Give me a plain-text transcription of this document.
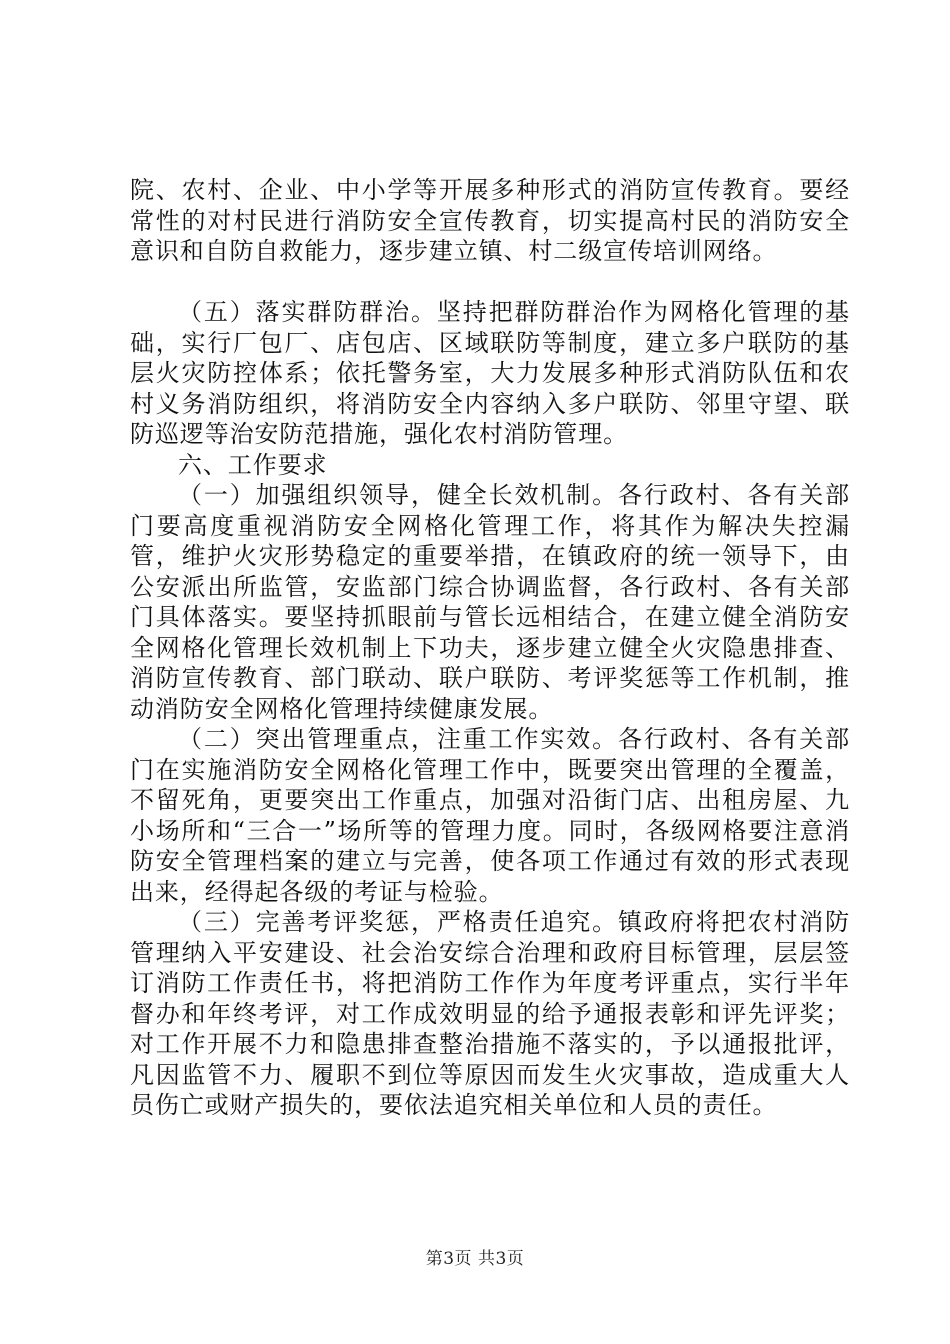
院、农村、企业、中小学等开展多种形式的消防宣传教育。要经常性的对村民进行消防安全宣传教育，切实提高村民的消防安全意识和自防自救能力，逐步建立镇、村二级宣传培训网络。

（五）落实群防群治。坚持把群防群治作为网格化管理的基础，实行厂包厂、店包店、区域联防等制度，建立多户联防的基层火灾防控体系；依托警务室，大力发展多种形式消防队伍和农村义务消防组织，将消防安全内容纳入多户联防、邻里守望、联防巡逻等治安防范措施，强化农村消防管理。

六、工作要求

（一）加强组织领导，健全长效机制。各行政村、各有关部门要高度重视消防安全网格化管理工作，将其作为解决失控漏管，维护火灾形势稳定的重要举措，在镇政府的统一领导下，由公安派出所监管，安监部门综合协调监督，各行政村、各有关部门具体落实。要坚持抓眼前与管长远相结合，在建立健全消防安全网格化管理长效机制上下功夫，逐步建立健全火灾隐患排查、消防宣传教育、部门联动、联户联防、考评奖惩等工作机制，推动消防安全网格化管理持续健康发展。

（二）突出管理重点，注重工作实效。各行政村、各有关部门在实施消防安全网格化管理工作中，既要突出管理的全覆盖，不留死角，更要突出工作重点，加强对沿街门店、出租房屋、九小场所和“三合一”场所等的管理力度。同时，各级网格要注意消防安全管理档案的建立与完善，使各项工作通过有效的形式表现出来，经得起各级的考证与检验。

（三）完善考评奖惩，严格责任追究。镇政府将把农村消防管理纳入平安建设、社会治安综合治理和政府目标管理，层层签订消防工作责任书，将把消防工作作为年度考评重点，实行半年督办和年终考评，对工作成效明显的给予通报表彰和评先评奖；对工作开展不力和隐患排查整治措施不落实的，予以通报批评，凡因监管不力、履职不到位等原因而发生火灾事故，造成重大人员伤亡或财产损失的，要依法追究相关单位和人员的责任。

第3页 共3页
